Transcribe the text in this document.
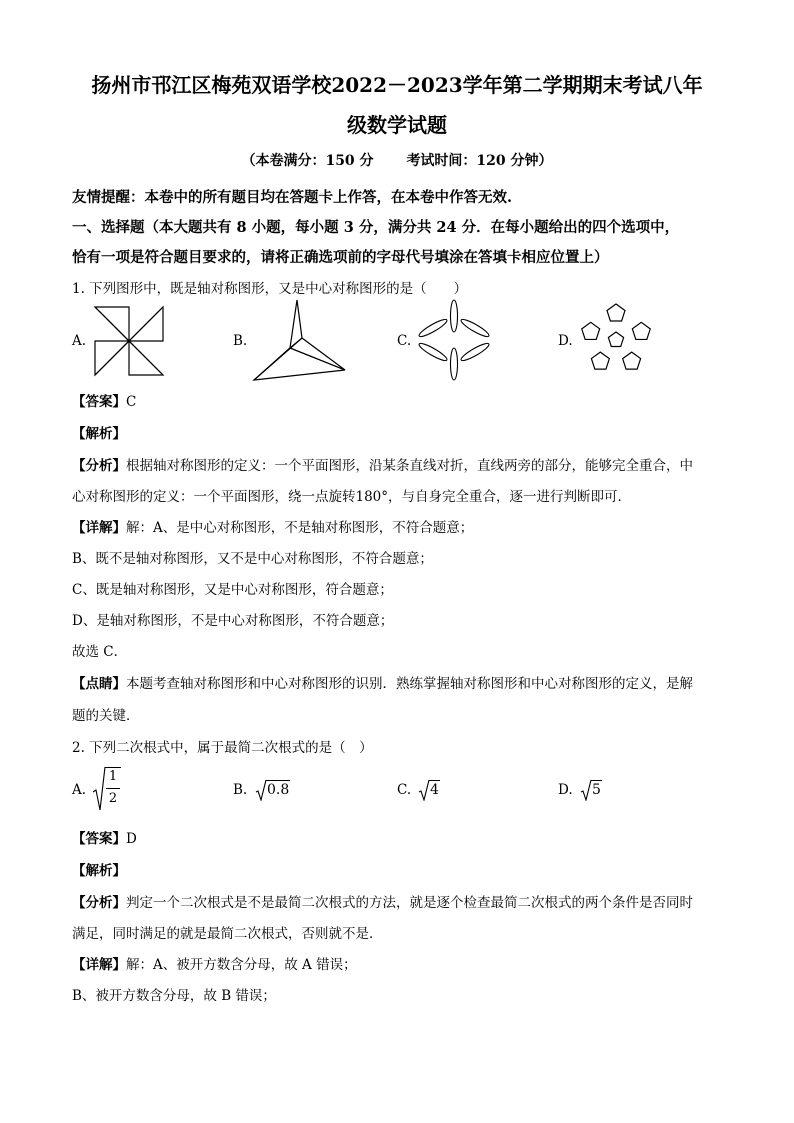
扬州市邗江区梅苑双语学校2022－2023学年第二学期期末考试八年
级数学试题
（本卷满分：150 分 考试时间：120 分钟）
友情提醒：本卷中的所有题目均在答题卡上作答，在本卷中作答无效.
一、选择题（本大题共有 8 小题，每小题 3 分，满分共 24 分．在每小题给出的四个选项中，
恰有一项是符合题目要求的，请将正确选项前的字母代号填涂在答填卡相应位置上）
1. 下列图形中，既是轴对称图形，又是中心对称图形的是（　　）
A.	B.	C.	D.
【答案】C
【解析】
【分析】根据轴对称图形的定义：一个平面图形，沿某条直线对折，直线两旁的部分，能够完全重合，中
心对称图形的定义：一个平面图形，绕一点旋转180°，与自身完全重合，逐一进行判断即可．
【详解】解：A、是中心对称图形，不是轴对称图形，不符合题意；
B、既不是轴对称图形，又不是中心对称图形，不符合题意；
C、既是轴对称图形，又是中心对称图形，符合题意；
D、是轴对称图形，不是中心对称图形，不符合题意；
故选 C．
【点睛】本题考查轴对称图形和中心对称图形的识别．熟练掌握轴对称图形和中心对称图形的定义，是解
题的关键．
2. 下列二次根式中，属于最简二次根式的是（　）
A.
1
2
B. 0.8	C. 4	D. 5
【答案】D
【解析】
【分析】判定一个二次根式是不是最简二次根式的方法，就是逐个检查最简二次根式的两个条件是否同时
满足，同时满足的就是最简二次根式，否则就不是．
【详解】解：A、被开方数含分母，故 A 错误；
B、被开方数含分母，故 B 错误；
